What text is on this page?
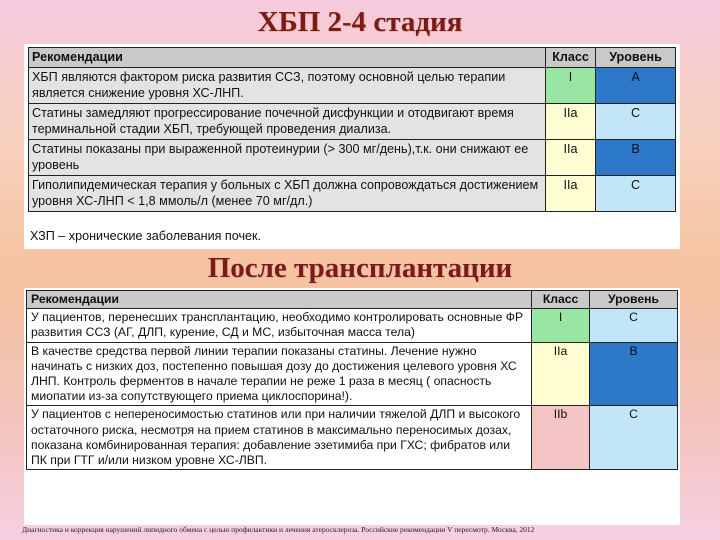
ХБП 2-4 стадия
Рекомендации	Класс	Уровень
ХБП являются фактором риска развития ССЗ, поэтому основной целью терапии является снижение уровня ХС-ЛНП.	I	A
Статины замедляют прогрессирование почечной дисфункции и отодвигают время терминальной стадии ХБП, требующей проведения диализа.	IIa	C
Статины показаны при выраженной протеинурии (> 300 мг/день),т.к. они снижают ее уровень	IIa	B
Гиполипидемическая терапия у больных с ХБП должна сопровождаться достижением уровня ХС-ЛНП < 1,8 ммоль/л (менее 70 мг/дл.)	IIa	C
ХЗП – хронические заболевания почек.
После трансплантации
Рекомендации	Класс	Уровень
У пациентов, перенесших трансплантацию, необходимо контролировать основные ФР развития ССЗ (АГ, ДЛП, курение, СД и МС, избыточная масса тела)	I	C
В качестве средства первой линии терапии показаны статины. Лечение нужно начинать с низких доз, постепенно повышая дозу до достижения целевого уровня ХС ЛНП. Контроль ферментов в начале терапии не реже 1 раза в месяц ( опасность миопатии из-за сопутствующего приема циклоспорина!).	IIa	B
У пациентов с непереносимостью статинов или при наличии тяжелой ДЛП и высокого остаточного риска, несмотря на прием статинов в максимально переносимых дозах, показана комбинированная терапия: добавление эзетимиба при ГХС; фибратов или ПК при ГТГ и/или низком уровне ХС-ЛВП.	IIb	C
Диагностика и коррекция нарушений липидного обмена с целью профилактики и лечения атеросклероза. Российские рекомендации V пересмотр. Москва, 2012
